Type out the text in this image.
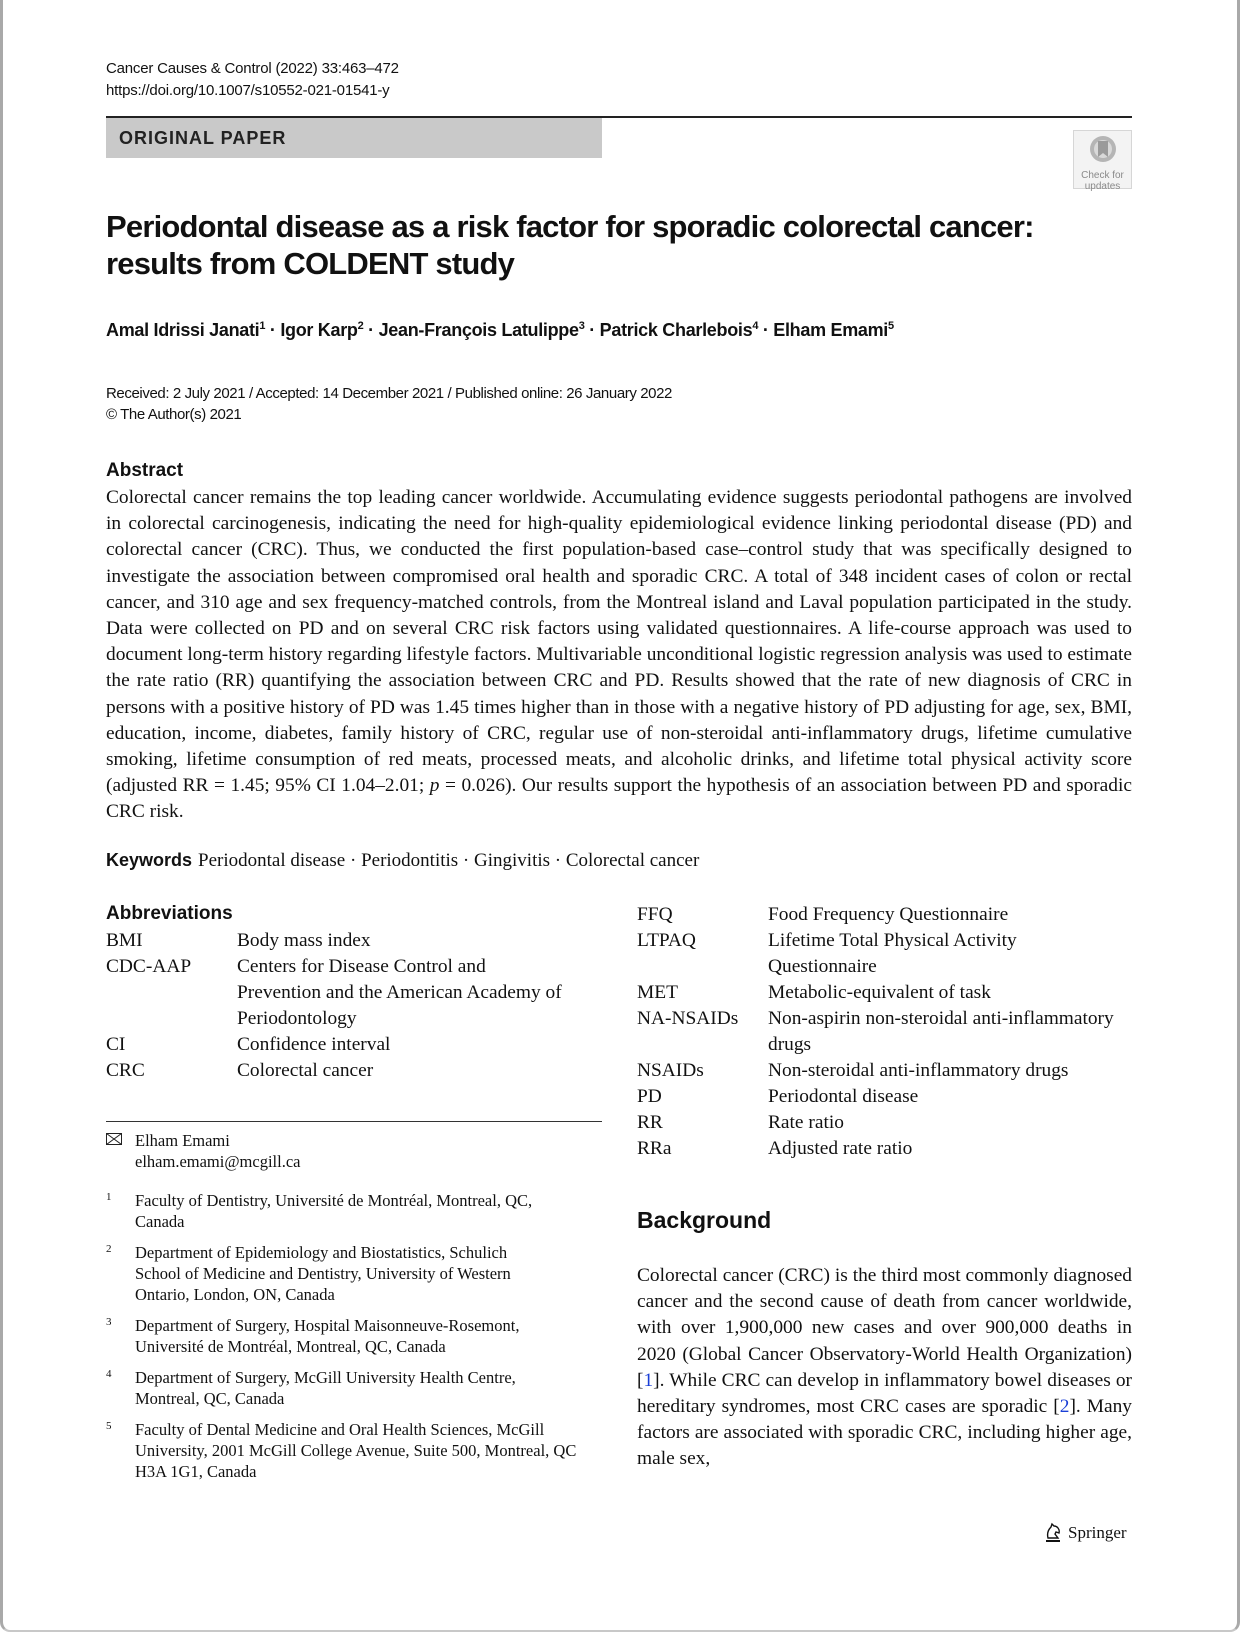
Cancer Causes & Control (2022) 33:463–472
https://doi.org/10.1007/s10552-021-01541-y
ORIGINAL PAPER
Check for
updates
Periodontal disease as a risk factor for sporadic colorectal cancer:
results from COLDENT study
Amal Idrissi Janati$^1$ · Igor Karp$^2$ · Jean-François Latulippe$^3$ · Patrick Charlebois$^4$ · Elham Emami$^5$
Received: 2 July 2021 / Accepted: 14 December 2021 / Published online: 26 January 2022
© The Author(s) 2021
Abstract
Colorectal cancer remains the top leading cancer worldwide. Accumulating evidence suggests periodontal pathogens are involved in colorectal carcinogenesis, indicating the need for high-quality epidemiological evidence linking periodontal disease (PD) and colorectal cancer (CRC). Thus, we conducted the first population-based case–control study that was specifically designed to investigate the association between compromised oral health and sporadic CRC. A total of 348 incident cases of colon or rectal cancer, and 310 age and sex frequency-matched controls, from the Montreal island and Laval population participated in the study. Data were collected on PD and on several CRC risk factors using validated questionnaires. A life-course approach was used to document long-term history regarding lifestyle factors. Multivariable unconditional logistic regression analysis was used to estimate the rate ratio (RR) quantifying the association between CRC and PD. Results showed that the rate of new diagnosis of CRC in persons with a positive history of PD was 1.45 times higher than in those with a negative history of PD adjusting for age, sex, BMI, education, income, diabetes, family history of CRC, regular use of non-steroidal anti-inflammatory drugs, lifetime cumulative smoking, lifetime consumption of red meats, processed meats, and alcoholic drinks, and lifetime total physical activity score (adjusted RR = 1.45; 95% CI 1.04–2.01; p = 0.026). Our results support the hypothesis of an association between PD and sporadic CRC risk.
Keywords Periodontal disease · Periodontitis · Gingivitis · Colorectal cancer
Abbreviations
BMI	Body mass index
CDC-AAP	Centers for Disease Control and Prevention and the American Academy of Periodontology
CI	Confidence interval
CRC	Colorectal cancer
FFQ	Food Frequency Questionnaire
LTPAQ	Lifetime Total Physical Activity Questionnaire
MET	Metabolic-equivalent of task
NA-NSAIDs	Non-aspirin non-steroidal anti-inflammatory drugs
NSAIDs	Non-steroidal anti-inflammatory drugs
PD	Periodontal disease
RR	Rate ratio
RRa	Adjusted rate ratio
Elham Emami
elham.emami@mcgill.ca
1 Faculty of Dentistry, Université de Montréal, Montreal, QC, Canada
2 Department of Epidemiology and Biostatistics, Schulich School of Medicine and Dentistry, University of Western Ontario, London, ON, Canada
3 Department of Surgery, Hospital Maisonneuve-Rosemont, Université de Montréal, Montreal, QC, Canada
4 Department of Surgery, McGill University Health Centre, Montreal, QC, Canada
5 Faculty of Dental Medicine and Oral Health Sciences, McGill University, 2001 McGill College Avenue, Suite 500, Montreal, QC H3A 1G1, Canada
Background
Colorectal cancer (CRC) is the third most commonly diagnosed cancer and the second cause of death from cancer worldwide, with over 1,900,000 new cases and over 900,000 deaths in 2020 (Global Cancer Observatory-World Health Organization) [1]. While CRC can develop in inflammatory bowel diseases or hereditary syndromes, most CRC cases are sporadic [2]. Many factors are associated with sporadic CRC, including higher age, male sex,
Springer
